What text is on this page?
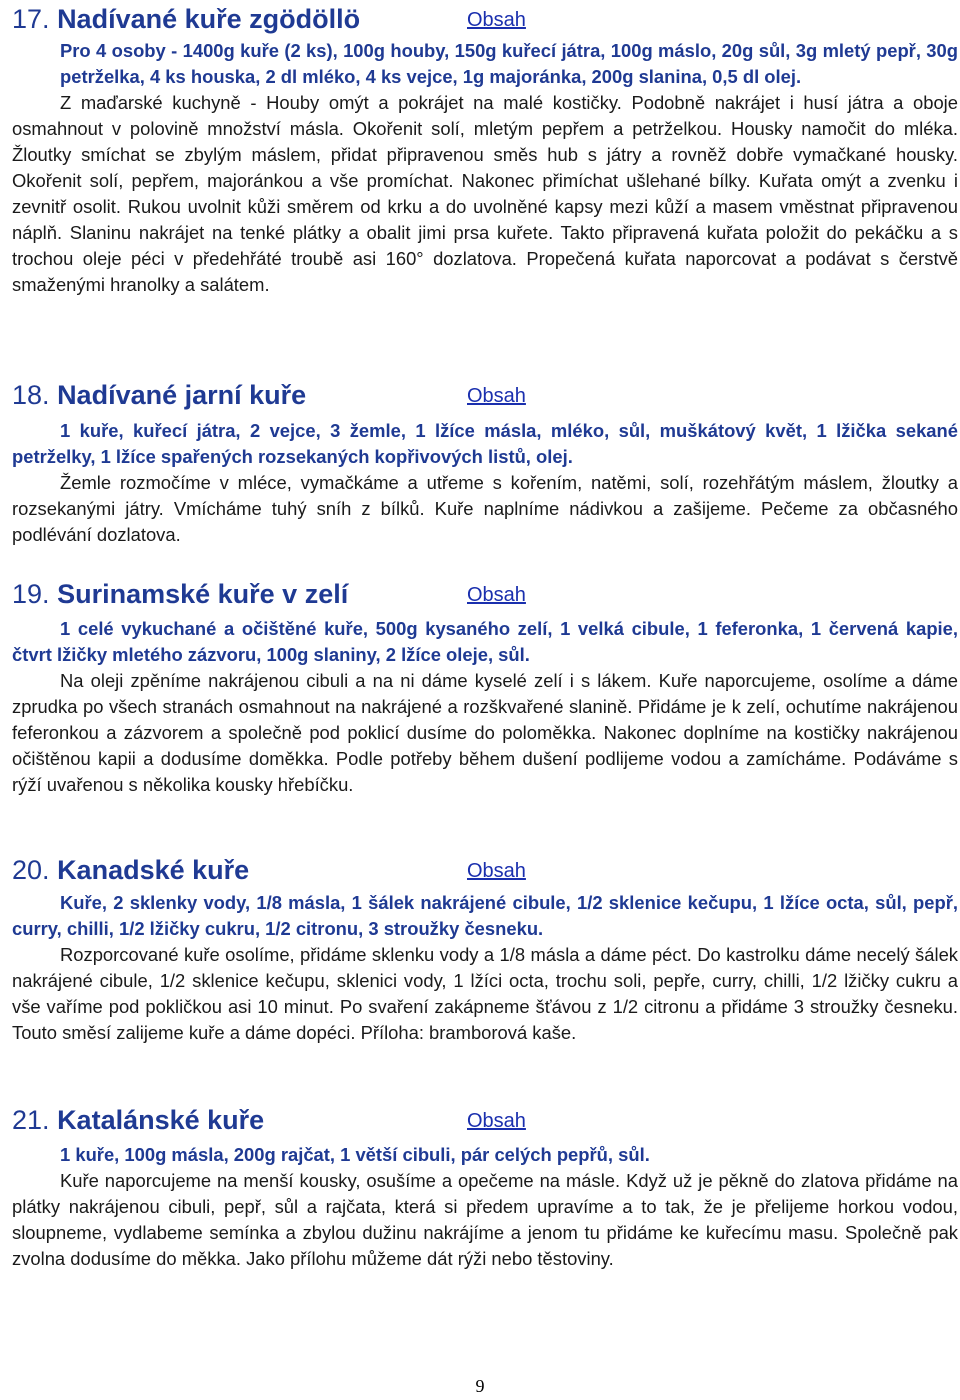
17. Nadívané kuře zgödöllö	Obsah

Pro 4 osoby - 1400g kuře (2 ks), 100g houby, 150g kuřecí játra, 100g máslo, 20g sůl, 3g mletý pepř, 30g petrželka, 4 ks houska, 2 dl mléko, 4 ks vejce, 1g majoránka, 200g slanina, 0,5 dl olej.

Z maďarské kuchyně - Houby omýt a pokrájet na malé kostičky. Podobně nakrájet i husí játra a oboje osmahnout v polovině množství másla. Okořenit solí, mletým pepřem a petrželkou. Housky namočit do mléka. Žloutky smíchat se zbylým máslem, přidat připravenou směs hub s játry a rovněž dobře vymačkané housky. Okořenit solí, pepřem, majoránkou a vše promíchat. Nakonec přimíchat ušlehané bílky. Kuřata omýt a zvenku i zevnitř osolit. Rukou uvolnit kůži směrem od krku a do uvolněné kapsy mezi kůží a masem vměstnat připravenou náplň. Slaninu nakrájet na tenké plátky a obalit jimi prsa kuřete. Takto připravená kuřata položit do pekáčku a s trochou oleje péci v předehřáté troubě asi 160° dozlatova. Propečená kuřata naporcovat a podávat s čerstvě smaženými hranolky a salátem.

18. Nadívané jarní kuře	Obsah

1 kuře, kuřecí játra, 2 vejce, 3 žemle, 1 lžíce másla, mléko, sůl, muškátový květ, 1 lžička sekané petrželky, 1 lžíce spařených rozsekaných kopřivových listů, olej.

Žemle rozmočíme v mléce, vymačkáme a utřeme s kořením, natěmi, solí, rozehřátým máslem, žloutky a rozsekanými játry. Vmícháme tuhý sníh z bílků. Kuře naplníme nádivkou a zašijeme. Pečeme za občasného podlévání dozlatova.

19. Surinamské kuře v zelí	Obsah

1 celé vykuchané a očištěné kuře, 500g kysaného zelí, 1 velká cibule, 1 feferonka, 1 červená kapie, čtvrt lžičky mletého zázvoru, 100g slaniny, 2 lžíce oleje, sůl.

Na oleji zpěníme nakrájenou cibuli a na ni dáme kyselé zelí i s lákem. Kuře naporcujeme, osolíme a dáme zprudka po všech stranách osmahnout na nakrájené a rozškvařené slanině. Přidáme je k zelí, ochutíme nakrájenou feferonkou a zázvorem a společně pod poklicí dusíme do poloměkka. Nakonec doplníme na kostičky nakrájenou očištěnou kapii a dodusíme doměkka. Podle potřeby během dušení podlijeme vodou a zamícháme. Podáváme s rýží uvařenou s několika kousky hřebíčku.

20. Kanadské kuře	Obsah

Kuře, 2 sklenky vody, 1/8 másla, 1 šálek nakrájené cibule, 1/2 sklenice kečupu, 1 lžíce octa, sůl, pepř, curry, chilli, 1/2 lžičky cukru, 1/2 citronu, 3 stroužky česneku.

Rozporcované kuře osolíme, přidáme sklenku vody a 1/8 másla a dáme péct. Do kastrolku dáme necelý šálek nakrájené cibule, 1/2 sklenice kečupu, sklenici vody, 1 lžíci octa, trochu soli, pepře, curry, chilli, 1/2 lžičky cukru a vše vaříme pod pokličkou asi 10 minut. Po svaření zakápneme šťávou z 1/2 citronu a přidáme 3 stroužky česneku. Touto směsí zalijeme kuře a dáme dopéci. Příloha: bramborová kaše.

21. Katalánské kuře	Obsah

1 kuře, 100g másla, 200g rajčat, 1 větší cibuli, pár celých pepřů, sůl.

Kuře naporcujeme na menší kousky, osušíme a opečeme na másle. Když už je pěkně do zlatova přidáme na plátky nakrájenou cibuli, pepř, sůl a rajčata, která si předem upravíme a to tak, že je přelijeme horkou vodou, sloupneme, vydlabeme semínka a zbylou dužinu nakrájíme a jenom tu přidáme ke kuřecímu masu. Společně pak zvolna dodusíme do měkka. Jako přílohu můžeme dát rýži nebo těstoviny.

9
